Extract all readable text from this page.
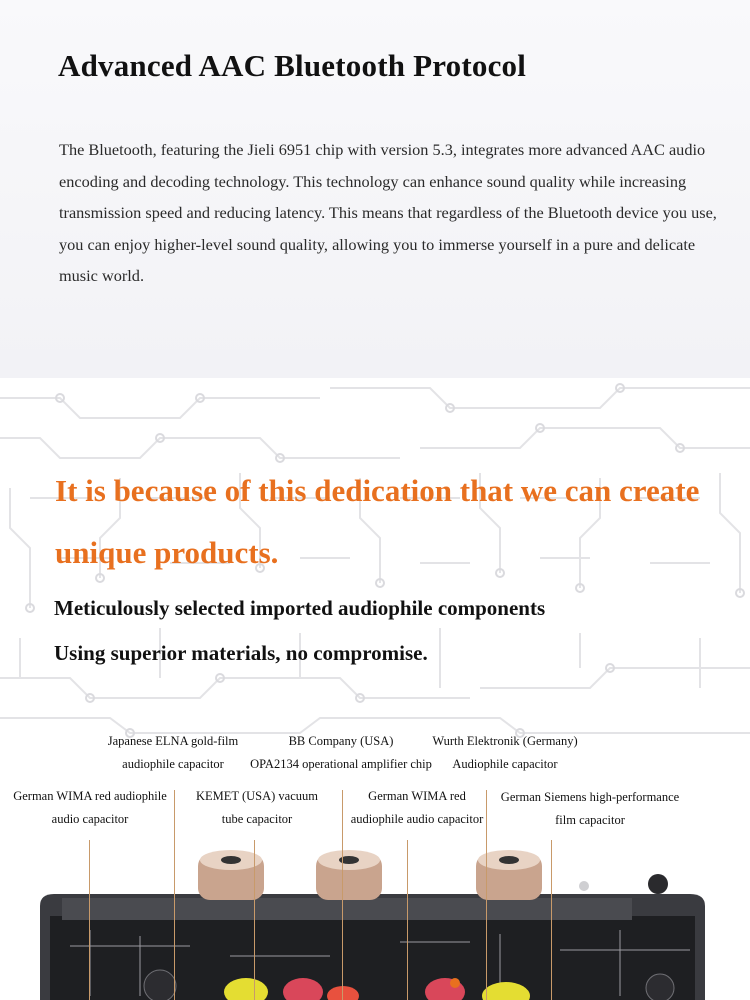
Advanced AAC Bluetooth Protocol

The Bluetooth, featuring the Jieli 6951 chip with version 5.3, integrates more advanced AAC audio encoding and decoding technology. This technology can enhance sound quality while increasing transmission speed and reducing latency. This means that regardless of the Bluetooth device you use, you can enjoy higher-level sound quality, allowing you to immerse yourself in a pure and delicate music world.

It is because of this dedication that we can create unique products.
Meticulously selected imported audiophile components
Using superior materials, no compromise.
Japanese ELNA gold-film
audiophile capacitor
BB Company (USA)
OPA2134 operational amplifier chip
Wurth Elektronik (Germany)
Audiophile capacitor
German WIMA red audiophile
audio capacitor
KEMET (USA) vacuum
tube capacitor
German WIMA red
audiophile audio capacitor
German Siemens high-performance
film capacitor
